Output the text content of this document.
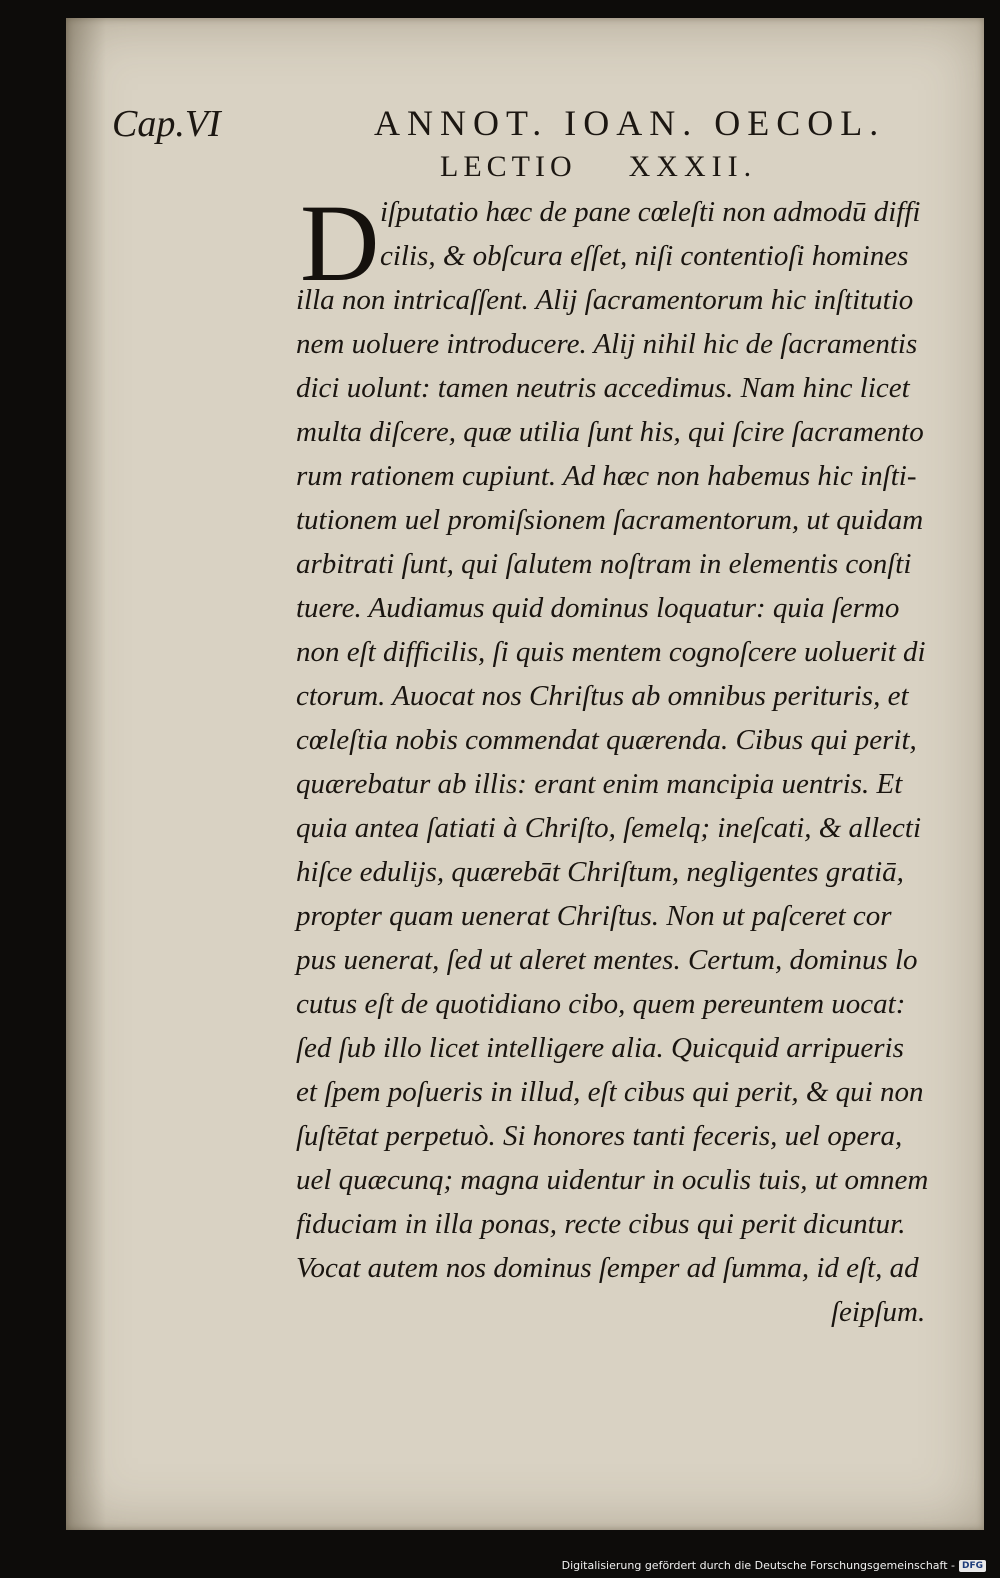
Cap.VI	ANNOT. IOAN. OECOL.
LECTIO XXXII.
D iſputatio hæc de pane cœleſti non admodū diffi
cilis, & obſcura eſſet, niſi contentioſi homines
illa non intricaſſent. Alij ſacramentorum hic inſtitutio
nem uoluere introducere. Alij nihil hic de ſacramentis
dici uolunt: tamen neutris accedimus. Nam hinc licet
multa diſcere, quæ utilia ſunt his, qui ſcire ſacramento
rum rationem cupiunt. Ad hæc non habemus hic inſti-
tutionem uel promiſsionem ſacramentorum, ut quidam
arbitrati ſunt, qui ſalutem noſtram in elementis conſti
tuere. Audiamus quid dominus loquatur: quia ſermo
non eſt difficilis, ſi quis mentem cognoſcere uoluerit di
ctorum. Auocat nos Chriſtus ab omnibus perituris, et
cœleſtia nobis commendat quærenda. Cibus qui perit,
quærebatur ab illis: erant enim mancipia uentris. Et
quia antea ſatiati à Chriſto, ſemelq; ineſcati, & allecti
hiſce edulijs, quærebāt Chriſtum, negligentes gratiā,
propter quam uenerat Chriſtus. Non ut paſceret cor
pus uenerat, ſed ut aleret mentes. Certum, dominus lo
cutus eſt de quotidiano cibo, quem pereuntem uocat:
ſed ſub illo licet intelligere alia. Quicquid arripueris
et ſpem poſueris in illud, eſt cibus qui perit, & qui non
ſuſtētat perpetuò. Si honores tanti feceris, uel opera,
uel quæcunq; magna uidentur in oculis tuis, ut omnem
fiduciam in illa ponas, recte cibus qui perit dicuntur.
Vocat autem nos dominus ſemper ad ſumma, id eſt, ad
ſeipſum.
Digitalisierung gefördert durch die Deutsche Forschungsgemeinschaft - DFG
